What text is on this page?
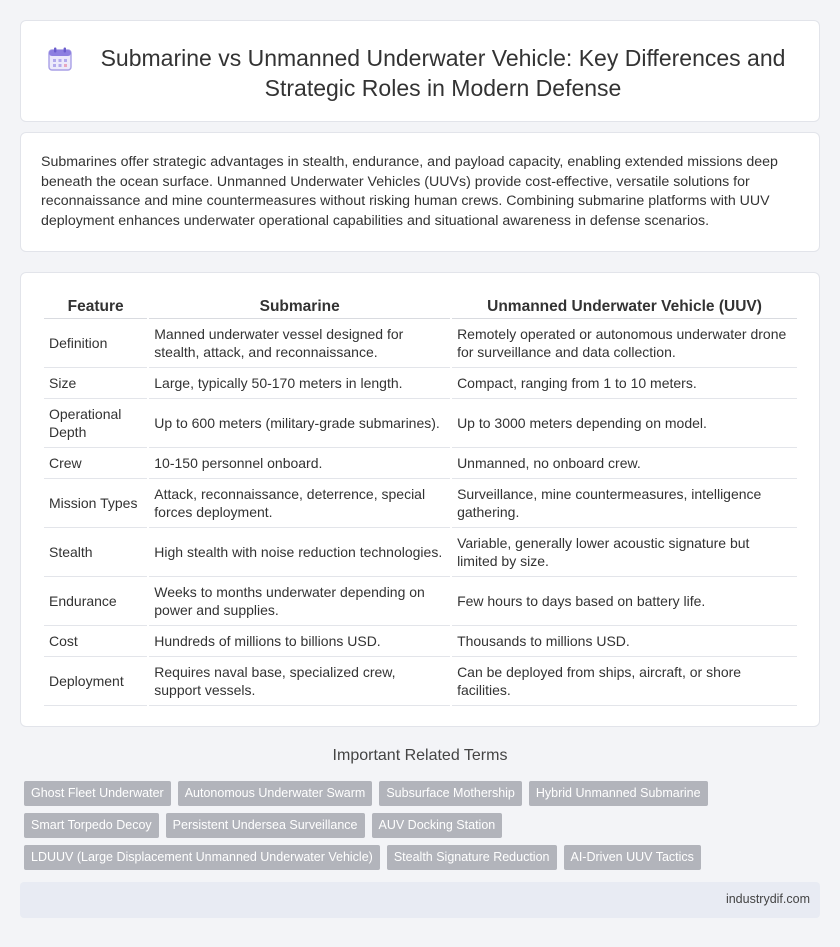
Submarine vs Unmanned Underwater Vehicle: Key Differences and Strategic Roles in Modern Defense

Submarines offer strategic advantages in stealth, endurance, and payload capacity, enabling extended missions deep beneath the ocean surface. Unmanned Underwater Vehicles (UUVs) provide cost-effective, versatile solutions for reconnaissance and mine countermeasures without risking human crews. Combining submarine platforms with UUV deployment enhances underwater operational capabilities and situational awareness in defense scenarios.

Feature	Submarine	Unmanned Underwater Vehicle (UUV)
Definition	Manned underwater vessel designed for stealth, attack, and reconnaissance.	Remotely operated or autonomous underwater drone for surveillance and data collection.
Size	Large, typically 50-170 meters in length.	Compact, ranging from 1 to 10 meters.
Operational Depth	Up to 600 meters (military-grade submarines).	Up to 3000 meters depending on model.
Crew	10-150 personnel onboard.	Unmanned, no onboard crew.
Mission Types	Attack, reconnaissance, deterrence, special forces deployment.	Surveillance, mine countermeasures, intelligence gathering.
Stealth	High stealth with noise reduction technologies.	Variable, generally lower acoustic signature but limited by size.
Endurance	Weeks to months underwater depending on power and supplies.	Few hours to days based on battery life.
Cost	Hundreds of millions to billions USD.	Thousands to millions USD.
Deployment	Requires naval base, specialized crew, support vessels.	Can be deployed from ships, aircraft, or shore facilities.
Important Related Terms
Ghost Fleet Underwater	Autonomous Underwater Swarm	Subsurface Mothership	Hybrid Unmanned Submarine
Smart Torpedo Decoy	Persistent Undersea Surveillance	AUV Docking Station
LDUUV (Large Displacement Unmanned Underwater Vehicle)	Stealth Signature Reduction	AI-Driven UUV Tactics
industrydif.com
